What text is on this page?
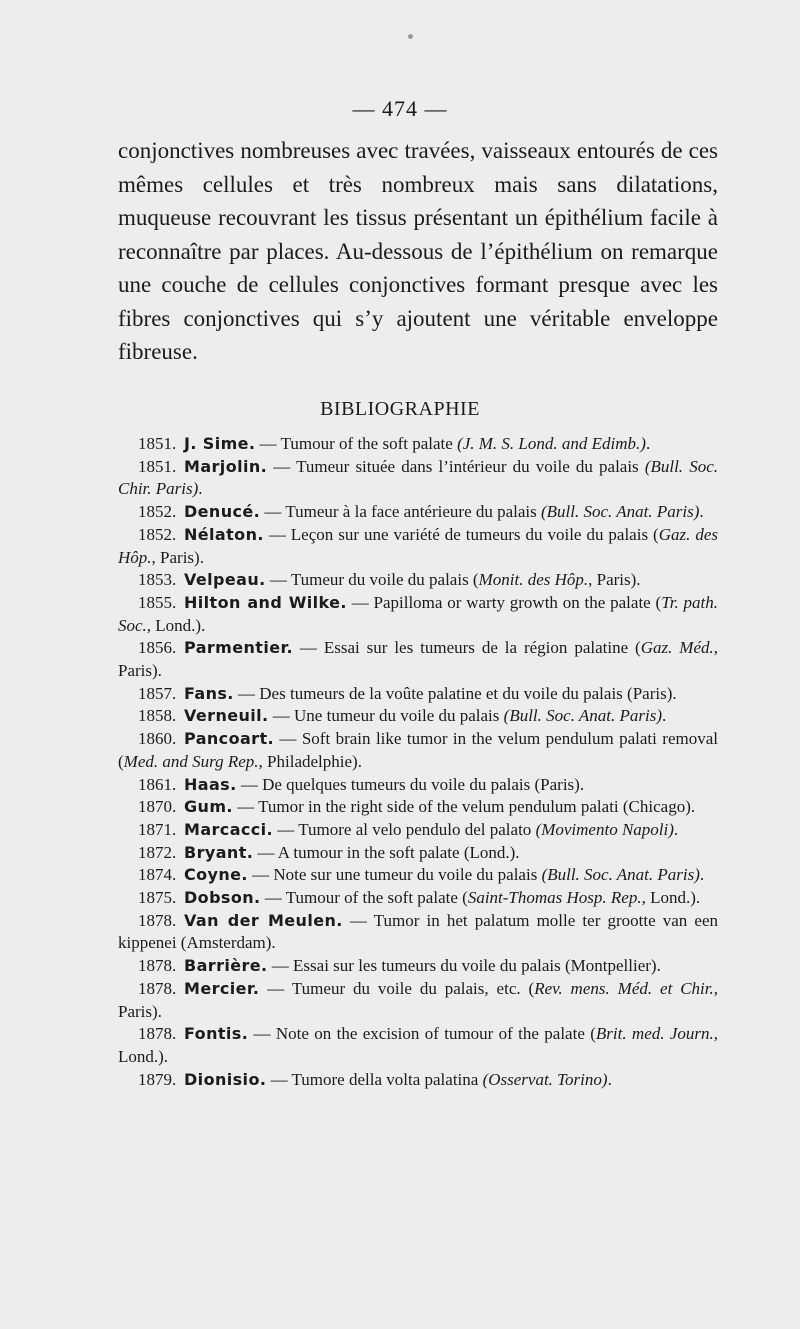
— 474 —

conjonctives nombreuses avec travées, vaisseaux entourés de ces mêmes cellules et très nombreux mais sans dilatations, muqueuse recouvrant les tissus présentant un épithélium facile à reconnaître par places. Au-dessous de l’épithélium on remarque une couche de cellules conjonctives formant presque avec les fibres conjonctives qui s’y ajoutent une véritable enveloppe fibreuse.

BIBLIOGRAPHIE

1851. J. Sime. — Tumour of the soft palate (J. M. S. Lond. and Edimb.).

1851. Marjolin. — Tumeur située dans l’intérieur du voile du palais (Bull. Soc. Chir. Paris).

1852. Denucé. — Tumeur à la face antérieure du palais (Bull. Soc. Anat. Paris).

1852. Nélaton. — Leçon sur une variété de tumeurs du voile du palais (Gaz. des Hôp., Paris).

1853. Velpeau. — Tumeur du voile du palais (Monit. des Hôp., Paris).

1855. Hilton and Wilke. — Papilloma or warty growth on the palate (Tr. path. Soc., Lond.).

1856. Parmentier. — Essai sur les tumeurs de la région palatine (Gaz. Méd., Paris).

1857. Fans. — Des tumeurs de la voûte palatine et du voile du palais (Paris).

1858. Verneuil. — Une tumeur du voile du palais (Bull. Soc. Anat. Paris).

1860. Pancoart. — Soft brain like tumor in the velum pendulum palati removal (Med. and Surg Rep., Philadelphie).

1861. Haas. — De quelques tumeurs du voile du palais (Paris).

1870. Gum. — Tumor in the right side of the velum pendulum palati (Chicago).

1871. Marcacci. — Tumore al velo pendulo del palato (Movimento Napoli).

1872. Bryant. — A tumour in the soft palate (Lond.).

1874. Coyne. — Note sur une tumeur du voile du palais (Bull. Soc. Anat. Paris).

1875. Dobson. — Tumour of the soft palate (Saint-Thomas Hosp. Rep., Lond.).

1878. Van der Meulen. — Tumor in het palatum molle ter grootte van een kippenei (Amsterdam).

1878. Barrière. — Essai sur les tumeurs du voile du palais (Montpellier).

1878. Mercier. — Tumeur du voile du palais, etc. (Rev. mens. Méd. et Chir., Paris).

1878. Fontis. — Note on the excision of tumour of the palate (Brit. med. Journ., Lond.).

1879. Dionisio. — Tumore della volta palatina (Osservat. Torino).
